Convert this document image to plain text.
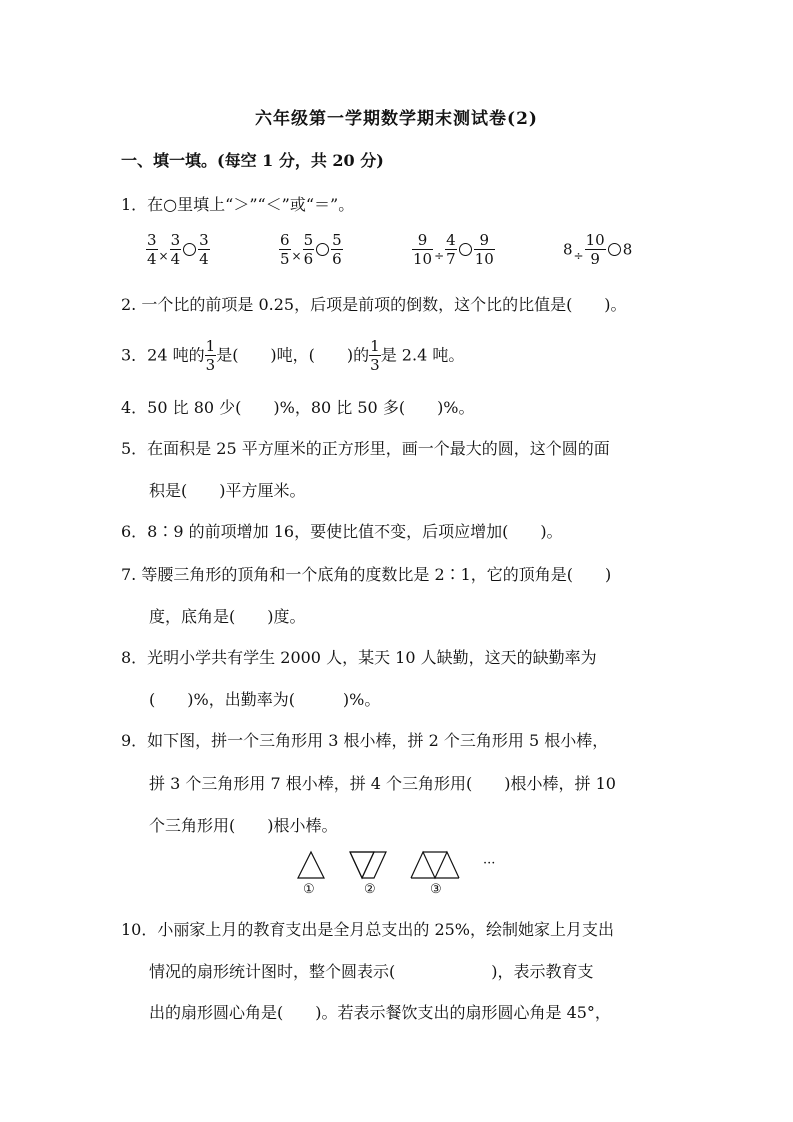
六年级第一学期数学期末测试卷(2)
一、填一填。(每空 1 分，共 20 分)
1．在○里填上“＞”“＜”或“＝”。
$\frac{3}{4} \times \frac{3}{4} \frac{3}{4}$	$\frac{6}{5} \times \frac{5}{6} \frac{5}{6}$	$\frac{9}{10} \div \frac{4}{7} \frac{9}{10}$	$8\div \frac{10}{9} 8$
2. 一个比的前项是 0.25，后项是前项的倒数，这个比的比值是(　　)。
3．24 吨的 $\frac{1}{3}$ 是(　　)吨，(　　)的 $\frac{1}{3}$ 是 2.4 吨。
4．50 比 80 少(　　)%，80 比 50 多(　　)%。
5．在面积是 25 平方厘米的正方形里，画一个最大的圆，这个圆的面
积是(　　)平方厘米。
6．8∶9 的前项增加 16，要使比值不变，后项应增加(　　)。
7. 等腰三角形的顶角和一个底角的度数比是 2∶1，它的顶角是(　　)
度，底角是(　　)度。
8．光明小学共有学生 2000 人，某天 10 人缺勤，这天的缺勤率为
(　　)%，出勤率为(　　　)%。
9．如下图，拼一个三角形用 3 根小棒，拼 2 个三角形用 5 根小棒，
拼 3 个三角形用 7 根小棒，拼 4 个三角形用(　　)根小棒，拼 10
个三角形用(　　)根小棒。
①	②	③
···
10．小丽家上月的教育支出是全月总支出的 25%，绘制她家上月支出
情况的扇形统计图时，整个圆表示(　　　　　　)，表示教育支
出的扇形圆心角是(　　)。若表示餐饮支出的扇形圆心角是 45°，
